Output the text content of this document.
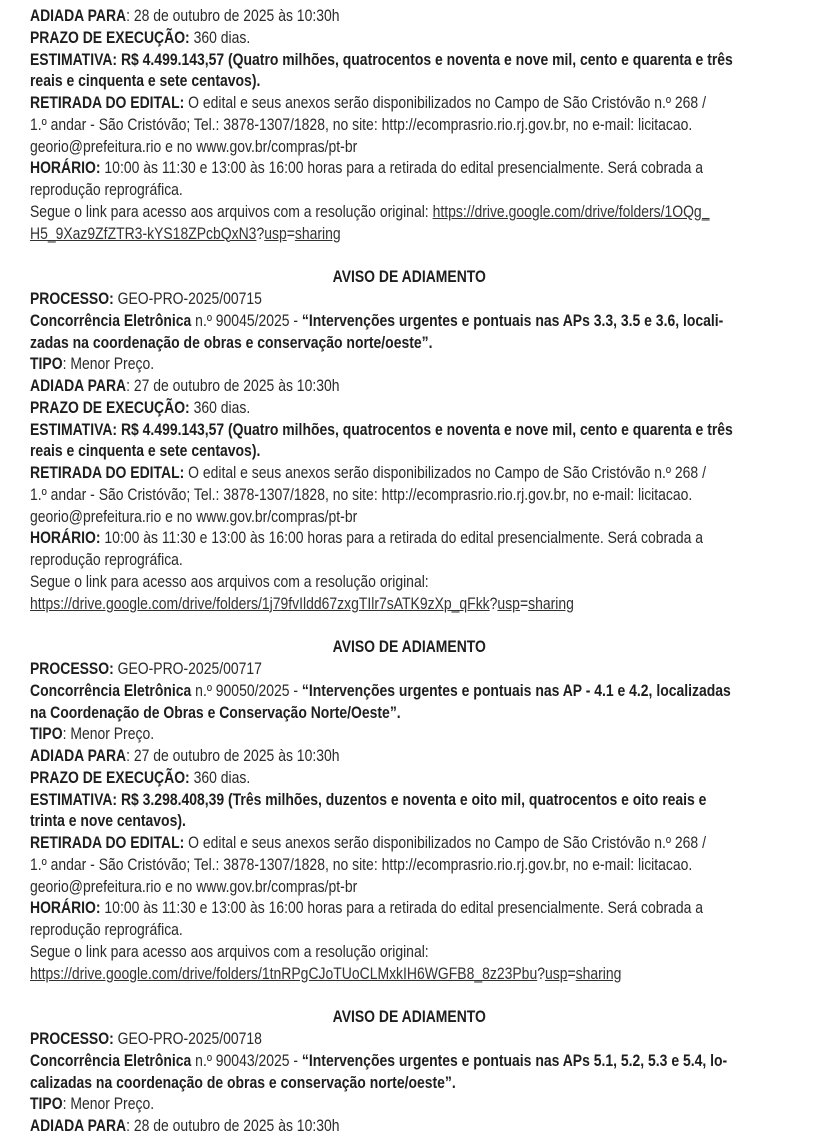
ADIADA PARA: 28 de outubro de 2025 às 10:30h
PRAZO DE EXECUÇÃO: 360 dias.
ESTIMATIVA: R$ 4.499.143,57 (Quatro milhões, quatrocentos e noventa e nove mil, cento e quarenta e três
reais e cinquenta e sete centavos).
RETIRADA DO EDITAL: O edital e seus anexos serão disponibilizados no Campo de São Cristóvão n.º 268 /
1.º andar - São Cristóvão; Tel.: 3878-1307/1828, no site: http://ecomprasrio.rio.rj.gov.br, no e-mail: licitacao.
georio@prefeitura.rio e no www.gov.br/compras/pt-br
HORÁRIO: 10:00 às 11:30 e 13:00 às 16:00 horas para a retirada do edital presencialmente. Será cobrada a
reprodução reprográfica.
Segue o link para acesso aos arquivos com a resolução original: https://drive.google.com/drive/folders/1OQg_
H5_9Xaz9ZfZTR3-kYS18ZPcbQxN3?usp=sharing
AVISO DE ADIAMENTO
PROCESSO: GEO-PRO-2025/00715
Concorrência Eletrônica n.º 90045/2025 - “Intervenções urgentes e pontuais nas APs 3.3, 3.5 e 3.6, locali-
zadas na coordenação de obras e conservação norte/oeste”.
TIPO: Menor Preço.
ADIADA PARA: 27 de outubro de 2025 às 10:30h
PRAZO DE EXECUÇÃO: 360 dias.
ESTIMATIVA: R$ 4.499.143,57 (Quatro milhões, quatrocentos e noventa e nove mil, cento e quarenta e três
reais e cinquenta e sete centavos).
RETIRADA DO EDITAL: O edital e seus anexos serão disponibilizados no Campo de São Cristóvão n.º 268 /
1.º andar - São Cristóvão; Tel.: 3878-1307/1828, no site: http://ecomprasrio.rio.rj.gov.br, no e-mail: licitacao.
georio@prefeitura.rio e no www.gov.br/compras/pt-br
HORÁRIO: 10:00 às 11:30 e 13:00 às 16:00 horas para a retirada do edital presencialmente. Será cobrada a
reprodução reprográfica.
Segue o link para acesso aos arquivos com a resolução original:
https://drive.google.com/drive/folders/1j79fvIldd67zxgTIlr7sATK9zXp_qFkk?usp=sharing
AVISO DE ADIAMENTO
PROCESSO: GEO-PRO-2025/00717
Concorrência Eletrônica n.º 90050/2025 - “Intervenções urgentes e pontuais nas AP - 4.1 e 4.2, localizadas
na Coordenação de Obras e Conservação Norte/Oeste”.
TIPO: Menor Preço.
ADIADA PARA: 27 de outubro de 2025 às 10:30h
PRAZO DE EXECUÇÃO: 360 dias.
ESTIMATIVA: R$ 3.298.408,39 (Três milhões, duzentos e noventa e oito mil, quatrocentos e oito reais e
trinta e nove centavos).
RETIRADA DO EDITAL: O edital e seus anexos serão disponibilizados no Campo de São Cristóvão n.º 268 /
1.º andar - São Cristóvão; Tel.: 3878-1307/1828, no site: http://ecomprasrio.rio.rj.gov.br, no e-mail: licitacao.
georio@prefeitura.rio e no www.gov.br/compras/pt-br
HORÁRIO: 10:00 às 11:30 e 13:00 às 16:00 horas para a retirada do edital presencialmente. Será cobrada a
reprodução reprográfica.
Segue o link para acesso aos arquivos com a resolução original:
https://drive.google.com/drive/folders/1tnRPgCJoTUoCLMxkIH6WGFB8_8z23Pbu?usp=sharing
AVISO DE ADIAMENTO
PROCESSO: GEO-PRO-2025/00718
Concorrência Eletrônica n.º 90043/2025 - “Intervenções urgentes e pontuais nas APs 5.1, 5.2, 5.3 e 5.4, lo-
calizadas na coordenação de obras e conservação norte/oeste”.
TIPO: Menor Preço.
ADIADA PARA: 28 de outubro de 2025 às 10:30h
